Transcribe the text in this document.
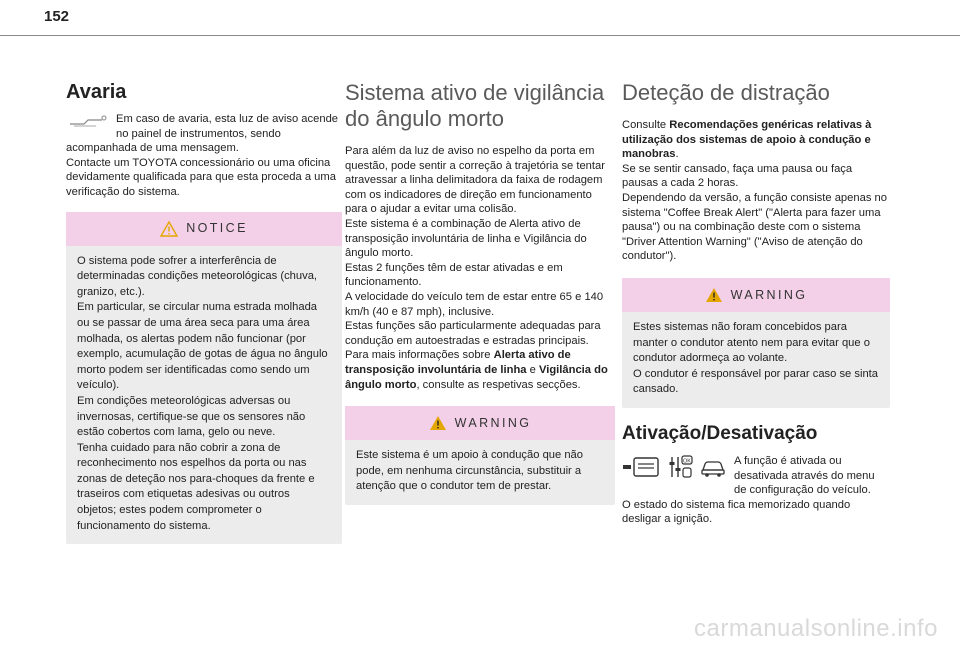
152
Avaria

Em caso de avaria, esta luz de aviso acende no painel de instrumentos, sendo acompanhada de uma mensagem.

Contacte um TOYOTA concessionário ou uma oficina devidamente qualificada para que esta proceda a uma verificação do sistema.

NOTICE
O sistema pode sofrer a interferência de determinadas condições meteorológicas (chuva, granizo, etc.).
Em particular, se circular numa estrada molhada ou se passar de uma área seca para uma área molhada, os alertas podem não funcionar (por exemplo, acumulação de gotas de água no ângulo morto podem ser identificadas como sendo um veículo).
Em condições meteorológicas adversas ou invernosas, certifique-se que os sensores não estão cobertos com lama, gelo ou neve.
Tenha cuidado para não cobrir a zona de reconhecimento nos espelhos da porta ou nas zonas de deteção nos para-choques da frente e traseiros com etiquetas adesivas ou outros objetos; estes podem comprometer o funcionamento do sistema.
Sistema ativo de vigilância do ângulo morto

Para além da luz de aviso no espelho da porta em questão, pode sentir a correção à trajetória se tentar atravessar a linha delimitadora da faixa de rodagem com os indicadores de direção em funcionamento para o ajudar a evitar uma colisão.

Este sistema é a combinação de Alerta ativo de transposição involuntária de linha e Vigilância do ângulo morto.

Estas 2 funções têm de estar ativadas e em funcionamento.

A velocidade do veículo tem de estar entre 65 e 140 km/h (40 e 87 mph), inclusive.

Estas funções são particularmente adequadas para condução em autoestradas e estradas principais.

Para mais informações sobre Alerta ativo de transposição involuntária de linha e Vigilância do ângulo morto, consulte as respetivas secções.

WARNING
Este sistema é um apoio à condução que não pode, em nenhuma circunstância, substituir a atenção que o condutor tem de prestar.
Deteção de distração

Consulte Recomendações genéricas relativas à utilização dos sistemas de apoio à condução e manobras.

Se se sentir cansado, faça uma pausa ou faça pausas a cada 2 horas.

Dependendo da versão, a função consiste apenas no sistema "Coffee Break Alert" ("Alerta para fazer uma pausa") ou na combinação deste com o sistema "Driver Attention Warning" ("Aviso de atenção do condutor").

WARNING
Estes sistemas não foram concebidos para manter o condutor atento nem para evitar que o condutor adormeça ao volante.
O condutor é responsável por parar caso se sinta cansado.
Ativação/Desativação
OK	A função é ativada ou desativada através do menu de configuração do veículo.

O estado do sistema fica memorizado quando desligar a ignição.

carmanualsonline.info
